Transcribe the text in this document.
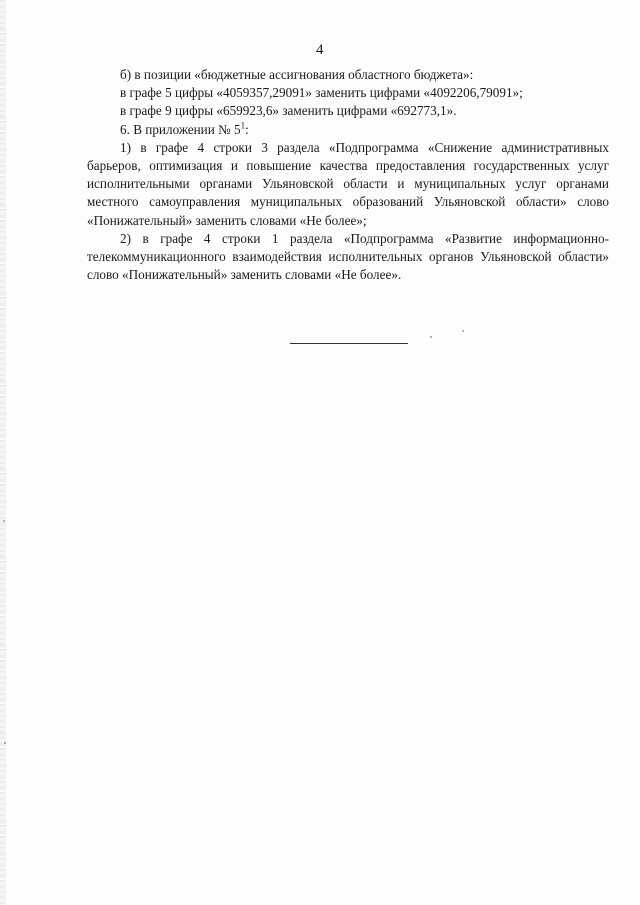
4

б) в позиции «бюджетные ассигнования областного бюджета»:

в графе 5 цифры «4059357,29091» заменить цифрами «4092206,79091»;

в графе 9 цифры «659923,6» заменить цифрами «692773,1».

6. В приложении № $5^1$:

1) в графе 4 строки 3 раздела «Подпрограмма «Снижение административных барьеров, оптимизация и повышение качества предоставления государственных услуг исполнительными органами Ульяновской области и муниципальных услуг органами местного самоуправления муниципальных образований Ульяновской области» слово «Понижательный» заменить словами «Не более»;

2) в графе 4 строки 1 раздела «Подпрограмма «Развитие информационно-телекоммуникационного взаимодействия исполнительных органов Ульяновской области» слово «Понижательный» заменить словами «Не более».
